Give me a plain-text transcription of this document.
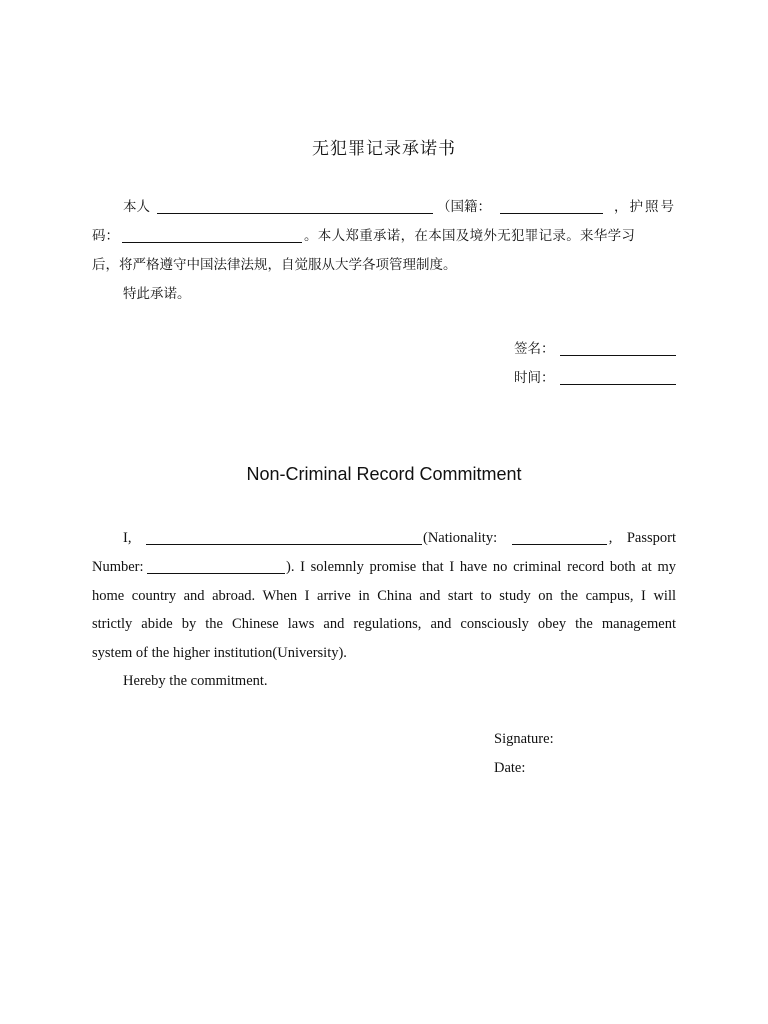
无犯罪记录承诺书
本人	（国籍：	，护照号
码：	。本人郑重承诺，在本国及境外无犯罪记录。来华学习
后，将严格遵守中国法律法规，自觉服从大学各项管理制度。
特此承诺。
签名：
时间：
Non-Criminal Record Commitment
I,	(Nationality:	,    Passport
Number:	). I solemnly promise that I have no criminal record both at my
home country and abroad. When I arrive in China and start to study on the campus, I will
strictly abide by the Chinese laws and regulations, and consciously obey the management
system of the higher institution(University).
Hereby the commitment.
Signature:
Date:
